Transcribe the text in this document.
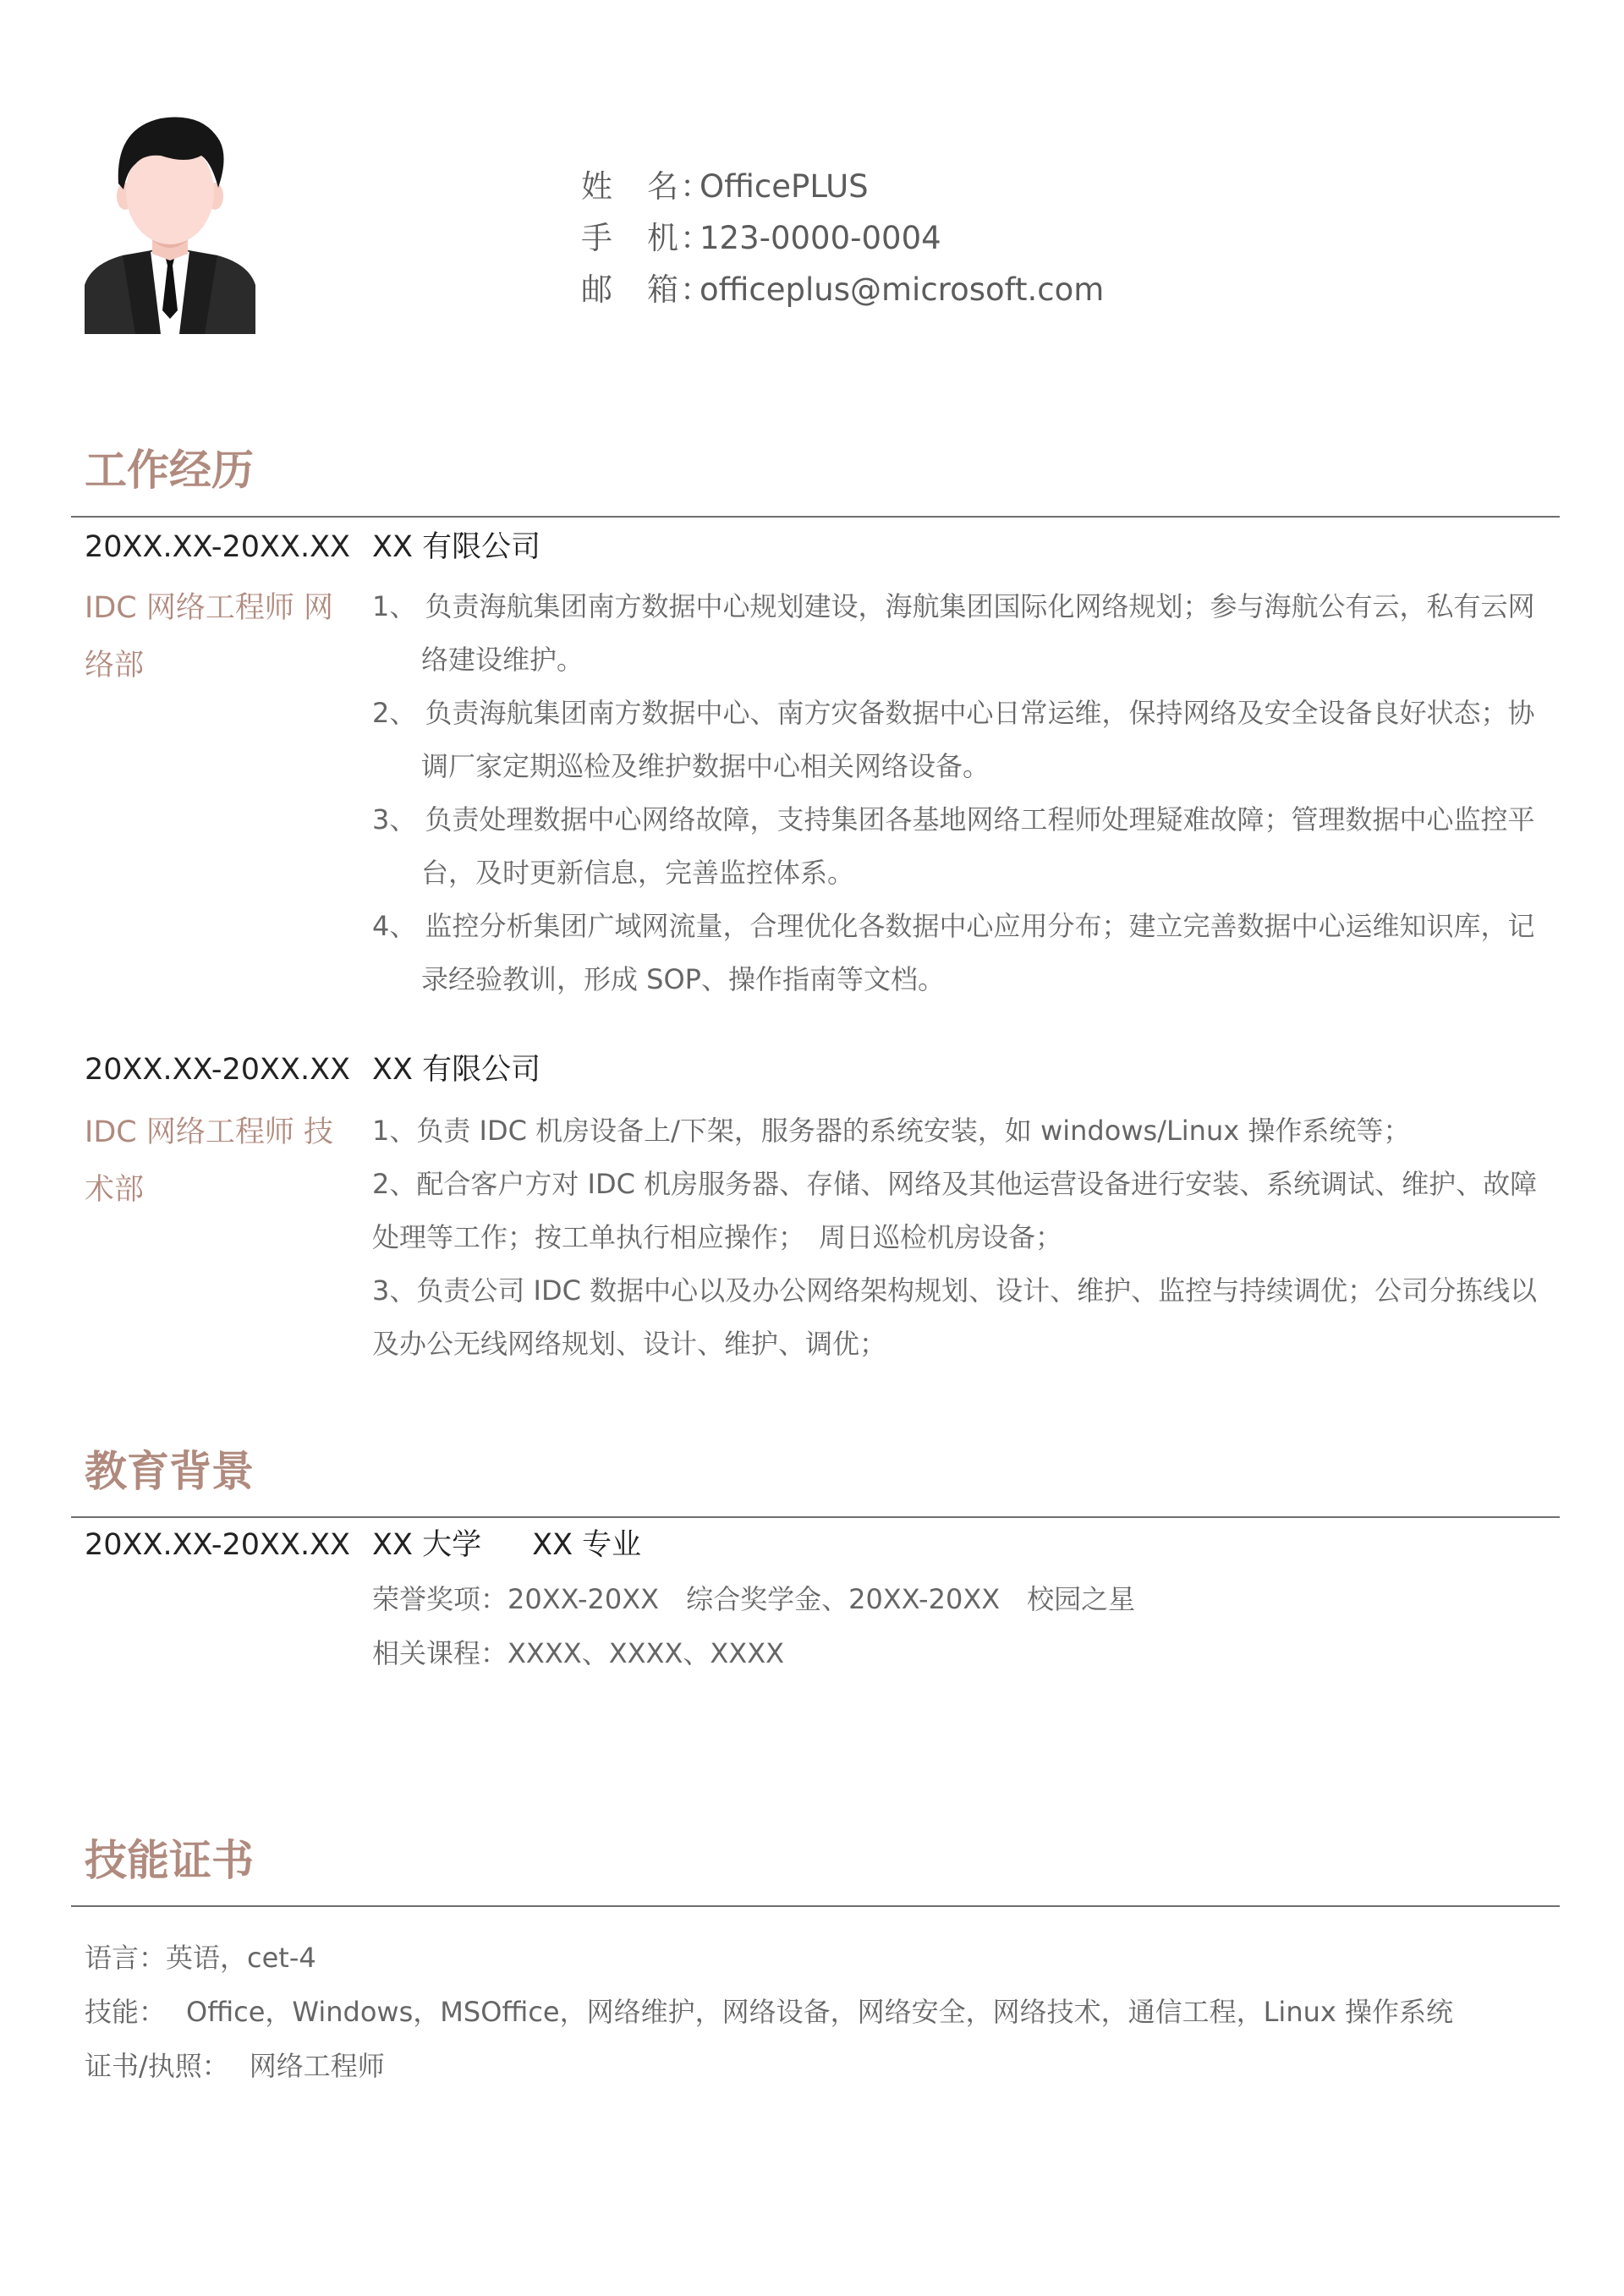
姓　名：OfficePLUS
手　机：123-0000-0004
邮　箱：officeplus@microsoft.com
工作经历
20XX.XX-20XX.XX XX 有限公司
IDC 网络工程师 网络部
1、 负责海航集团南方数据中心规划建设，海航集团国际化网络规划；参与海航公有云，私有云网络建设维护。
2、 负责海航集团南方数据中心、南方灾备数据中心日常运维，保持网络及安全设备良好状态；协调厂家定期巡检及维护数据中心相关网络设备。
3、 负责处理数据中心网络故障，支持集团各基地网络工程师处理疑难故障；管理数据中心监控平台，及时更新信息，完善监控体系。
4、 监控分析集团广域网流量，合理优化各数据中心应用分布；建立完善数据中心运维知识库，记录经验教训，形成 SOP、操作指南等文档。
20XX.XX-20XX.XX XX 有限公司
IDC 网络工程师 技术部
1、负责 IDC 机房设备上/下架，服务器的系统安装，如 windows/Linux 操作系统等；
2、配合客户方对 IDC 机房服务器、存储、网络及其他运营设备进行安装、系统调试、维护、故障处理等工作；按工单执行相应操作；　周日巡检机房设备；
3、负责公司 IDC 数据中心以及办公网络架构规划、设计、维护、监控与持续调优；公司分拣线以及办公无线网络规划、设计、维护、调优；
教育背景
20XX.XX-20XX.XX XX 大学 XX 专业
荣誉奖项：20XX-20XX　综合奖学金、20XX-20XX　校园之星
相关课程：XXXX、XXXX、XXXX
技能证书
语言：英语，cet-4
技能： Office，Windows，MSOffice，网络维护，网络设备，网络安全，网络技术，通信工程，Linux 操作系统
证书/执照： 网络工程师
